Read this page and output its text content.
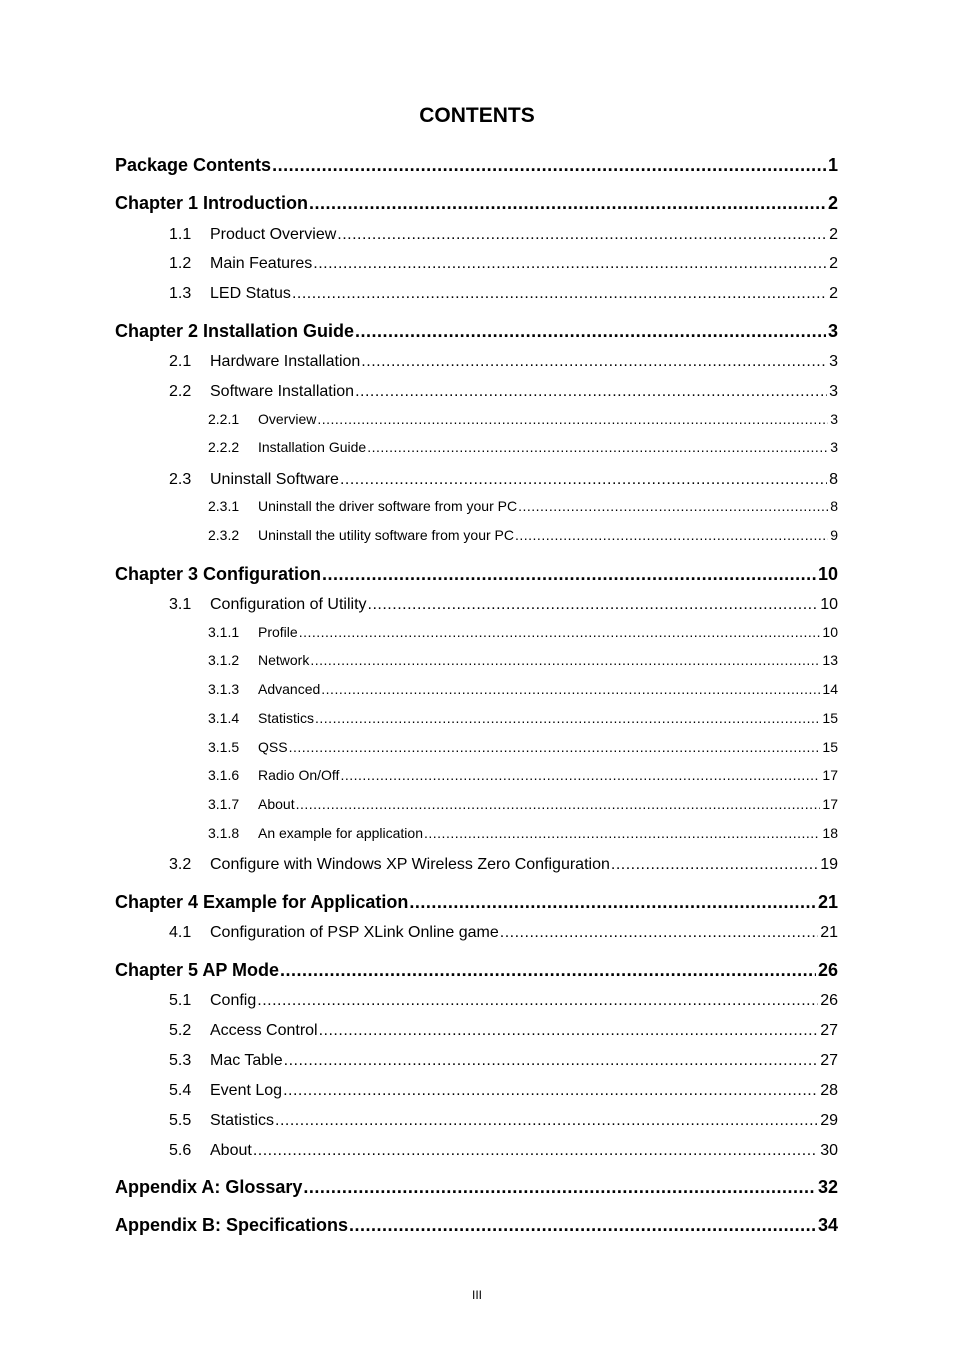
CONTENTS
Package Contents .....	1
Chapter 1 Introduction .....	2
1.1	Product Overview .....	2
1.2	Main Features .....	2
1.3	LED Status .....	2
Chapter 2 Installation Guide .....	3
2.1	Hardware Installation .....	3
2.2	Software Installation .....	3
2.2.1	Overview .....	3
2.2.2	Installation Guide .....	3
2.3	Uninstall Software .....	8
2.3.1	Uninstall the driver software from your PC .....	8
2.3.2	Uninstall the utility software from your PC .....	9
Chapter 3 Configuration .....	10
3.1	Configuration of Utility .....	10
3.1.1	Profile .....	10
3.1.2	Network .....	13
3.1.3	Advanced .....	14
3.1.4	Statistics .....	15
3.1.5	QSS .....	15
3.1.6	Radio On/Off .....	17
3.1.7	About .....	17
3.1.8	An example for application .....	18
3.2	Configure with Windows XP Wireless Zero Configuration .....	19
Chapter 4 Example for Application .....	21
4.1	Configuration of PSP XLink Online game .....	21
Chapter 5 AP Mode .....	26
5.1	Config .....	26
5.2	Access Control .....	27
5.3	Mac Table .....	27
5.4	Event Log .....	28
5.5	Statistics .....	29
5.6	About .....	30
Appendix A: Glossary .....	32
Appendix B: Specifications .....	34
III
